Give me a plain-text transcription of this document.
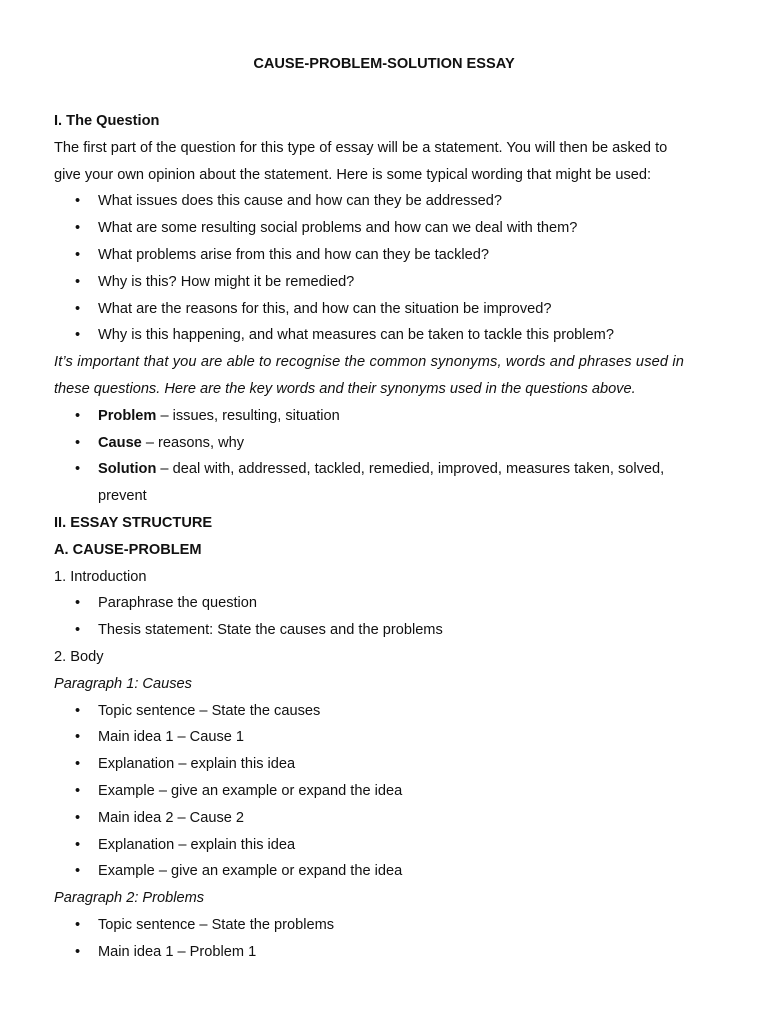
CAUSE-PROBLEM-SOLUTION ESSAY

I. The Question

The first part of the question for this type of essay will be a statement. You will then be asked to

give your own opinion about the statement. Here is some typical wording that might be used:

• What issues does this cause and how can they be addressed?
• What are some resulting social problems and how can we deal with them?
• What problems arise from this and how can they be tackled?
• Why is this? How might it be remedied?
• What are the reasons for this, and how can the situation be improved?
• Why is this happening, and what measures can be taken to tackle this problem?

It’s important that you are able to recognise the common synonyms, words and phrases used in

these questions. Here are the key words and their synonyms used in the questions above.

• Problem – issues, resulting, situation
• Cause – reasons, why
• Solution – deal with, addressed, tackled, remedied, improved, measures taken, solved,
prevent

II. ESSAY STRUCTURE

A. CAUSE-PROBLEM

1. Introduction

• Paraphrase the question
• Thesis statement: State the causes and the problems

2. Body

Paragraph 1: Causes

• Topic sentence – State the causes
• Main idea 1 – Cause 1
• Explanation – explain this idea
• Example – give an example or expand the idea
• Main idea 2 – Cause 2
• Explanation – explain this idea
• Example – give an example or expand the idea

Paragraph 2: Problems

• Topic sentence – State the problems
• Main idea 1 – Problem 1
